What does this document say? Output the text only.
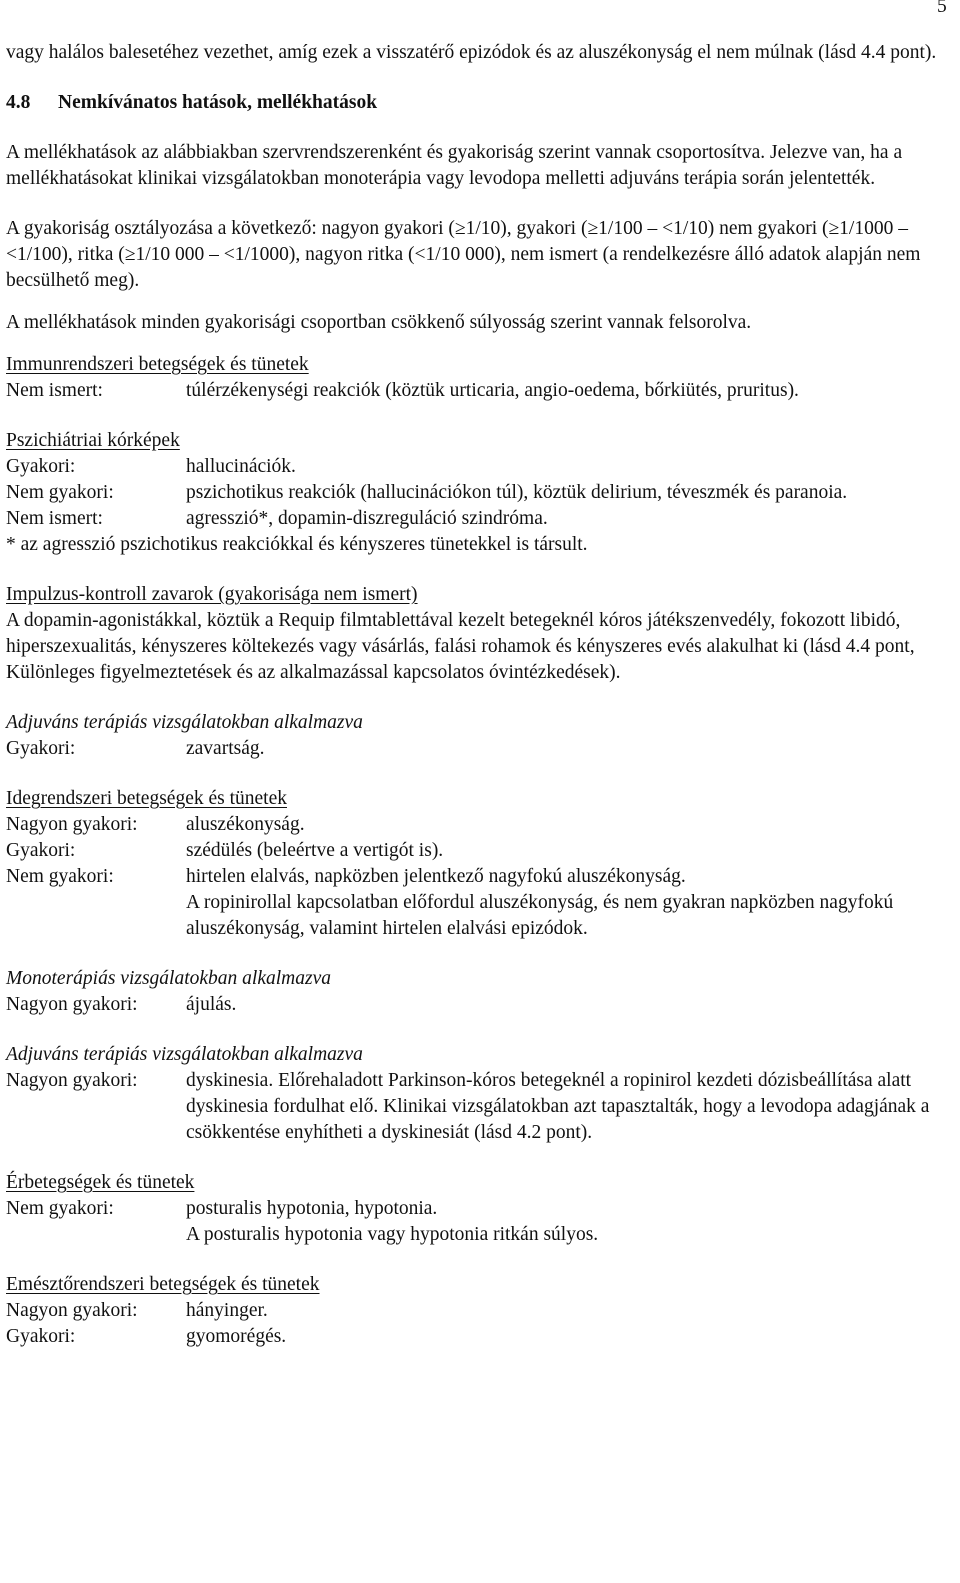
5

vagy halálos balesetéhez vezethet, amíg ezek a visszatérő epizódok és az aluszékonyság el nem múlnak (lásd 4.4 pont).

4.8 Nemkívánatos hatások, mellékhatások

A mellékhatások az alábbiakban szervrendszerenként és gyakoriság szerint vannak csoportosítva. Jelezve van, ha a mellékhatásokat klinikai vizsgálatokban monoterápia vagy levodopa melletti adjuváns terápia során jelentették.

A gyakoriság osztályozása a következő: nagyon gyakori (≥1/10), gyakori (≥1/100 – <1/10) nem gyakori (≥1/1000 – <1/100), ritka (≥1/10 000 – <1/1000), nagyon ritka (<1/10 000), nem ismert (a rendelkezésre álló adatok alapján nem becsülhető meg).

A mellékhatások minden gyakorisági csoportban csökkenő súlyosság szerint vannak felsorolva.

Immunrendszeri betegségek és tünetek

Nem ismert:	túlérzékenységi reakciók (köztük urticaria, angio-oedema, bőrkiütés, pruritus).

Pszichiátriai kórképek

Gyakori:	hallucinációk.
Nem gyakori:	pszichotikus reakciók (hallucinációkon túl), köztük delirium, téveszmék és paranoia.
Nem ismert:	agresszió*, dopamin-diszreguláció szindróma.

* az agresszió pszichotikus reakciókkal és kényszeres tünetekkel is társult.

Impulzus-kontroll zavarok (gyakorisága nem ismert)

A dopamin-agonistákkal, köztük a Requip filmtablettával kezelt betegeknél kóros játékszenvedély, fokozott libidó, hiperszexualitás, kényszeres költekezés vagy vásárlás, falási rohamok és kényszeres evés alakulhat ki (lásd 4.4 pont, Különleges figyelmeztetések és az alkalmazással kapcsolatos óvintézkedések).

Adjuváns terápiás vizsgálatokban alkalmazva

Gyakori:	zavartság.

Idegrendszeri betegségek és tünetek

Nagyon gyakori:	aluszékonyság.
Gyakori:	szédülés (beleértve a vertigót is).
Nem gyakori:	hirtelen elalvás, napközben jelentkező nagyfokú aluszékonyság.
A ropinirollal kapcsolatban előfordul aluszékonyság, és nem gyakran napközben nagyfokú aluszékonyság, valamint hirtelen elalvási epizódok.

Monoterápiás vizsgálatokban alkalmazva

Nagyon gyakori:	ájulás.

Adjuváns terápiás vizsgálatokban alkalmazva

Nagyon gyakori:	dyskinesia. Előrehaladott Parkinson-kóros betegeknél a ropinirol kezdeti dózisbeállítása alatt dyskinesia fordulhat elő. Klinikai vizsgálatokban azt tapasztalták, hogy a levodopa adagjának a csökkentése enyhítheti a dyskinesiát (lásd 4.2 pont).

Érbetegségek és tünetek

Nem gyakori:	posturalis hypotonia, hypotonia.
A posturalis hypotonia vagy hypotonia ritkán súlyos.

Emésztőrendszeri betegségek és tünetek

Nagyon gyakori:	hányinger.
Gyakori:	gyomorégés.
